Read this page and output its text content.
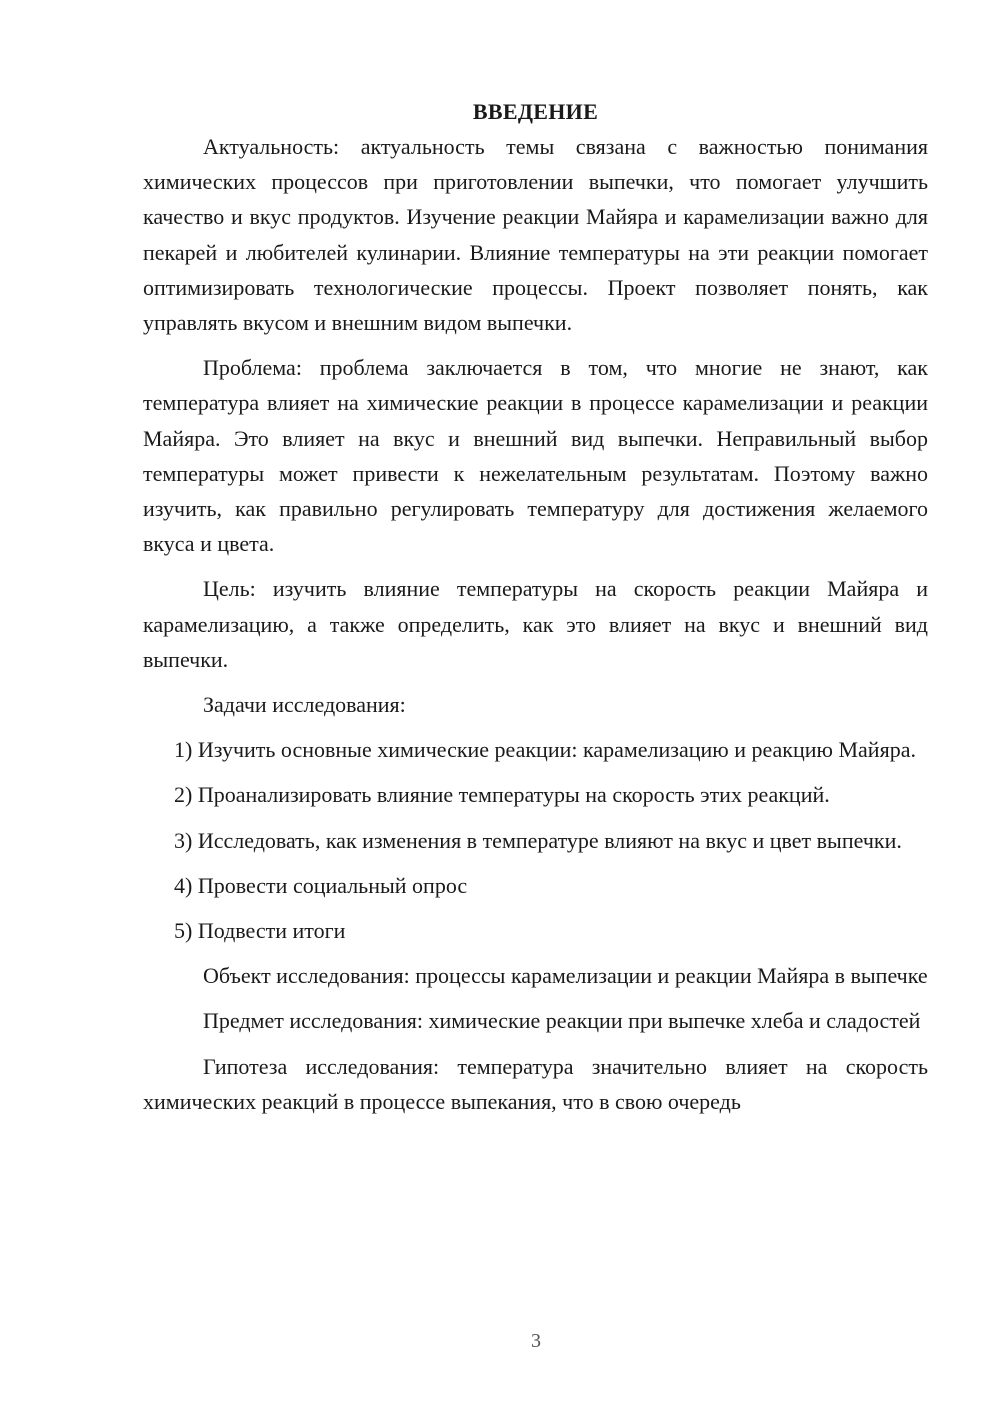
ВВЕДЕНИЕ

Актуальность: актуальность темы связана с важностью понимания химических процессов при приготовлении выпечки, что помогает улучшить качество и вкус продуктов. Изучение реакции Майяра и карамелизации важно для пекарей и любителей кулинарии. Влияние температуры на эти реакции помогает оптимизировать технологические процессы. Проект позволяет понять, как управлять вкусом и внешним видом выпечки.

Проблема: проблема заключается в том, что многие не знают, как температура влияет на химические реакции в процессе карамелизации и реакции Майяра. Это влияет на вкус и внешний вид выпечки. Неправильный выбор температуры может привести к нежелательным результатам. Поэтому важно изучить, как правильно регулировать температуру для достижения желаемого вкуса и цвета.

Цель: изучить влияние температуры на скорость реакции Майяра и карамелизацию, а также определить, как это влияет на вкус и внешний вид выпечки.

Задачи исследования:

1) Изучить основные химические реакции: карамелизацию и реакцию Майяра.

2) Проанализировать влияние температуры на скорость этих реакций.

3) Исследовать, как изменения в температуре влияют на вкус и цвет выпечки.

4) Провести социальный опрос

5) Подвести итоги

Объект исследования: процессы карамелизации и реакции Майяра в выпечке

Предмет исследования: химические реакции при выпечке хлеба и сладостей

Гипотеза исследования: температура значительно влияет на скорость химических реакций в процессе выпекания, что в свою очередь

3
